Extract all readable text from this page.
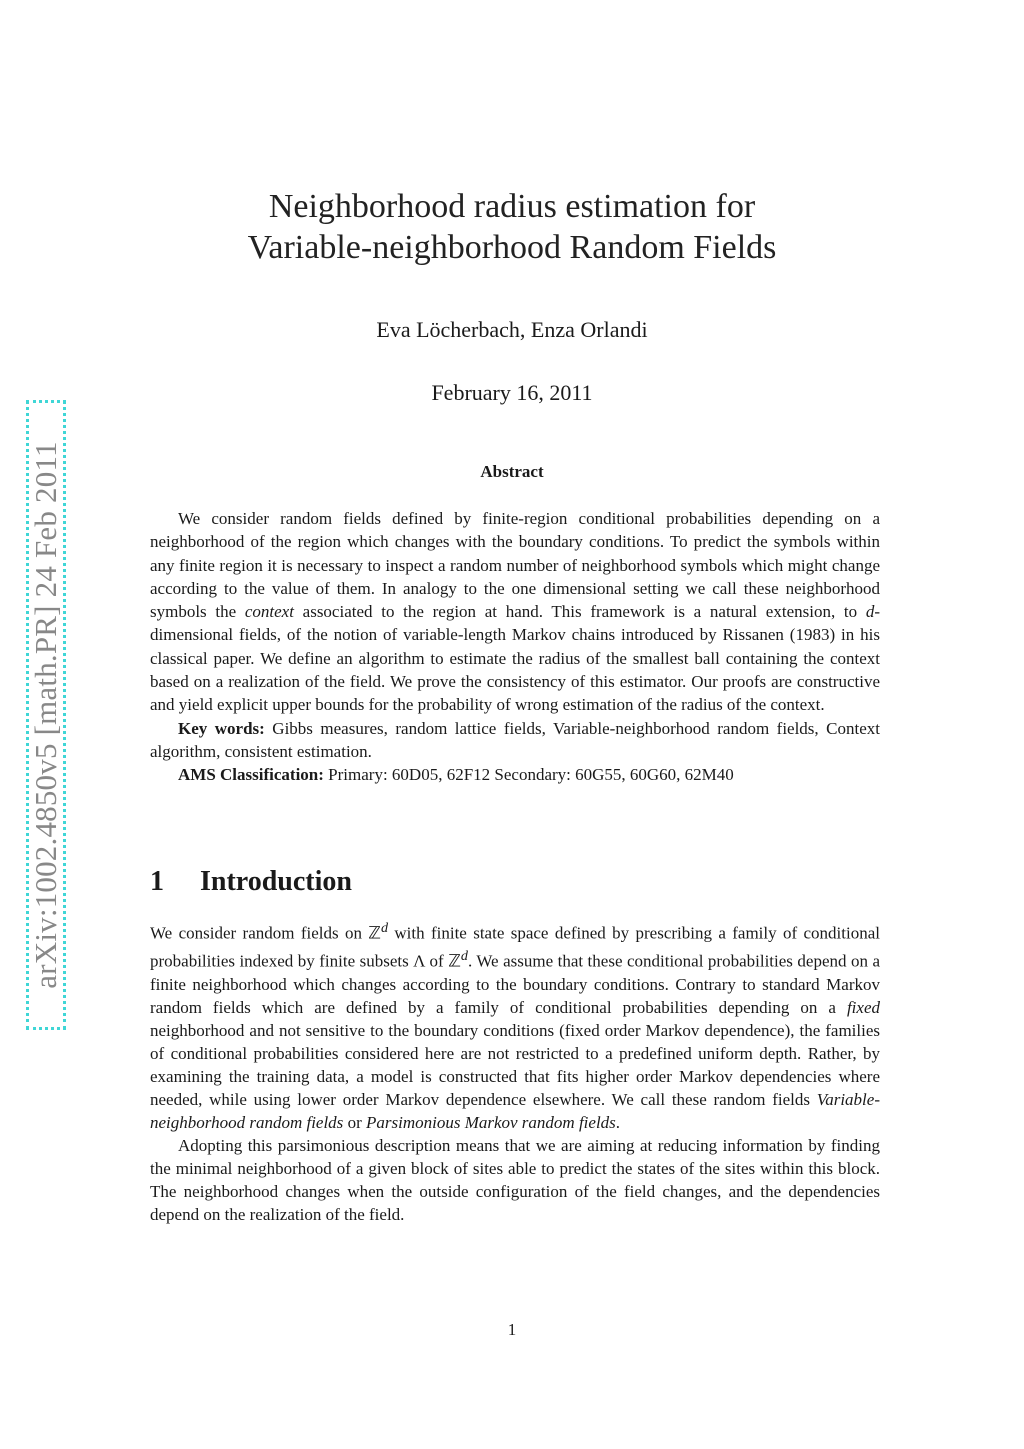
arXiv:1002.4850v5 [math.PR] 24 Feb 2011
Neighborhood radius estimation for
Variable-neighborhood Random Fields
Eva Löcherbach, Enza Orlandi
February 16, 2011
Abstract

We consider random fields defined by finite-region conditional probabilities depending on a neighborhood of the region which changes with the boundary conditions. To predict the symbols within any finite region it is necessary to inspect a random number of neighborhood symbols which might change according to the value of them. In analogy to the one dimensional setting we call these neighborhood symbols the context associated to the region at hand. This framework is a natural extension, to d-dimensional fields, of the notion of variable-length Markov chains introduced by Rissanen (1983) in his classical paper. We define an algorithm to estimate the radius of the smallest ball containing the context based on a realization of the field. We prove the consistency of this estimator. Our proofs are constructive and yield explicit upper bounds for the probability of wrong estimation of the radius of the context.

Key words: Gibbs measures, random lattice fields, Variable-neighborhood random fields, Context algorithm, consistent estimation.

AMS Classification: Primary: 60D05, 62F12 Secondary: 60G55, 60G60, 62M40

1 Introduction

We consider random fields on ℤ$^d$ with finite state space defined by prescribing a family of conditional probabilities indexed by finite subsets Λ of ℤ$^d$. We assume that these conditional probabilities depend on a finite neighborhood which changes according to the boundary conditions. Contrary to standard Markov random fields which are defined by a family of conditional probabilities depending on a fixed neighborhood and not sensitive to the boundary conditions (fixed order Markov dependence), the families of conditional probabilities considered here are not restricted to a predefined uniform depth. Rather, by examining the training data, a model is constructed that fits higher order Markov dependencies where needed, while using lower order Markov dependence elsewhere. We call these random fields Variable-neighborhood random fields or Parsimonious Markov random fields.

Adopting this parsimonious description means that we are aiming at reducing information by finding the minimal neighborhood of a given block of sites able to predict the states of the sites within this block. The neighborhood changes when the outside configuration of the field changes, and the dependencies depend on the realization of the field.

1
